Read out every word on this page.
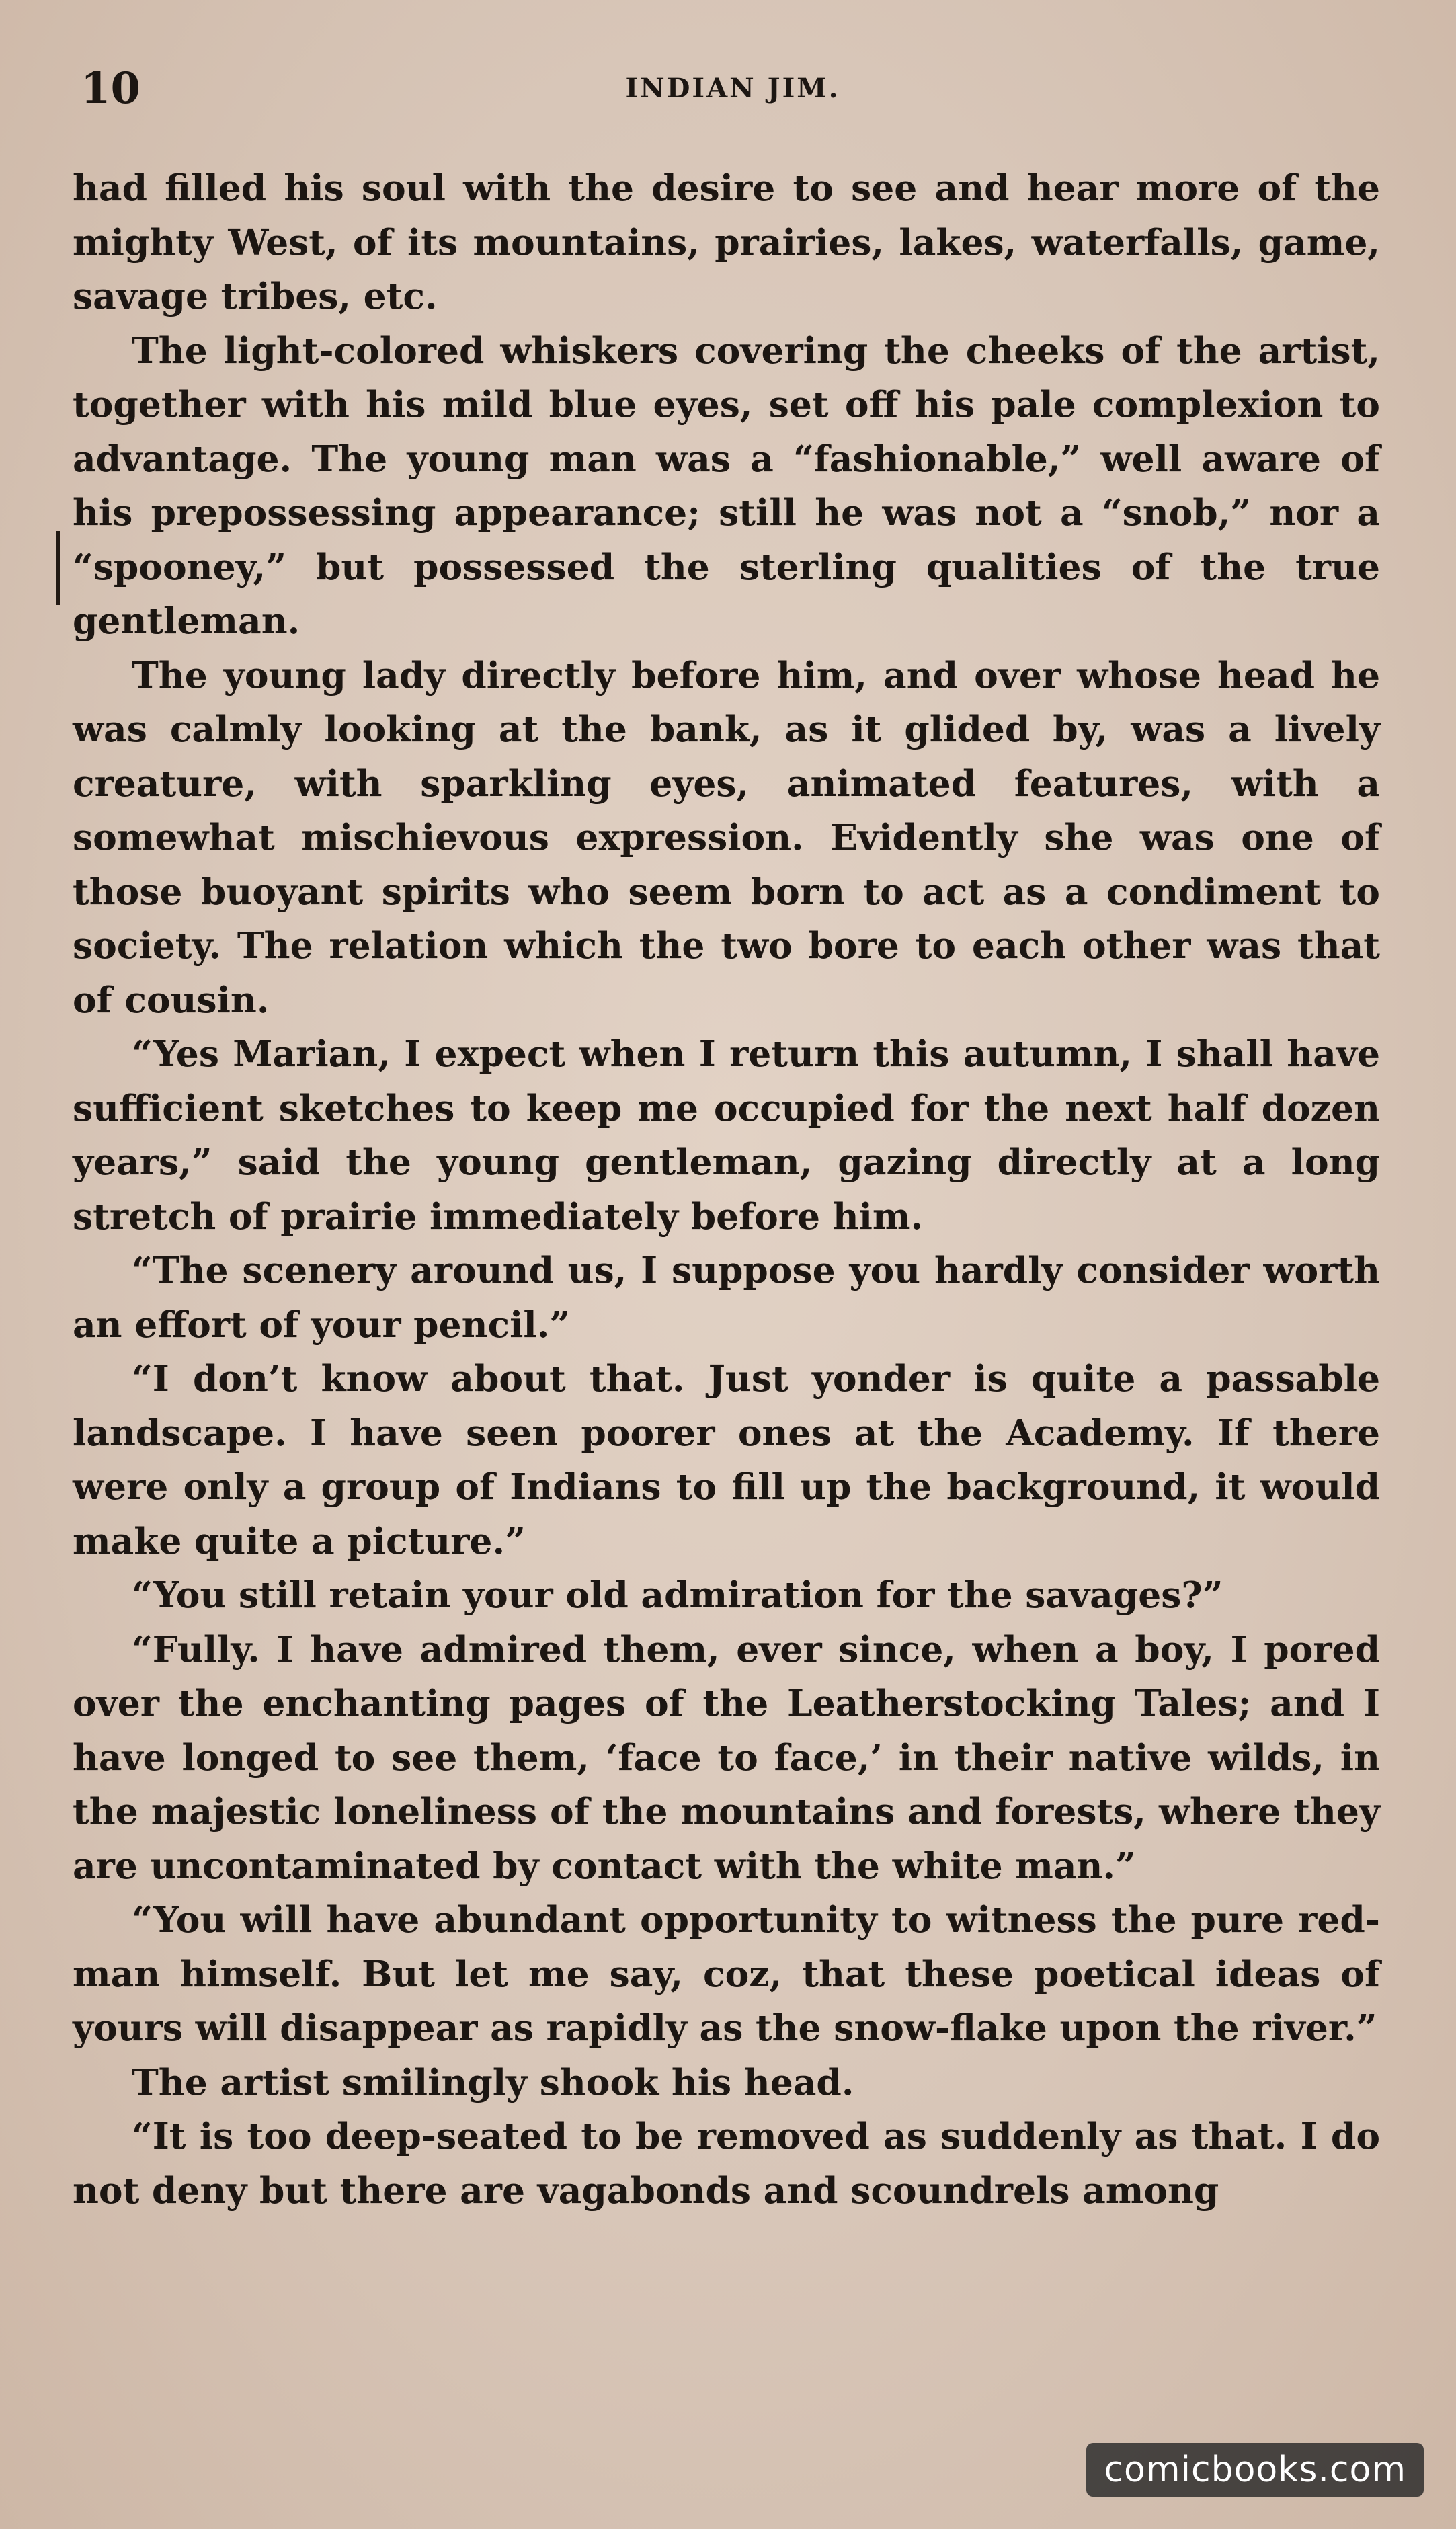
10	INDIAN JIM.

had filled his soul with the desire to see and hear more of the mighty West, of its mountains, prairies, lakes, waterfalls, game, savage tribes, etc.

The light-colored whiskers covering the cheeks of the artist, together with his mild blue eyes, set off his pale complexion to advantage. The young man was a “fashionable,” well aware of his prepossessing appearance; still he was not a “snob,” nor a “spooney,” but possessed the sterling qualities of the true gentleman.

The young lady directly before him, and over whose head he was calmly looking at the bank, as it glided by, was a lively creature, with sparkling eyes, animated features, with a somewhat mischievous expression. Evidently she was one of those buoyant spirits who seem born to act as a condiment to society. The relation which the two bore to each other was that of cousin.

“Yes Marian, I expect when I return this autumn, I shall have sufficient sketches to keep me occupied for the next half dozen years,” said the young gentleman, gazing directly at a long stretch of prairie immediately before him.

“The scenery around us, I suppose you hardly consider worth an effort of your pencil.”

“I don’t know about that. Just yonder is quite a passable landscape. I have seen poorer ones at the Academy. If there were only a group of Indians to fill up the background, it would make quite a picture.”

“You still retain your old admiration for the savages?”

“Fully. I have admired them, ever since, when a boy, I pored over the enchanting pages of the Leatherstocking Tales; and I have longed to see them, ‘face to face,’ in their native wilds, in the majestic loneliness of the mountains and forests, where they are uncontaminated by contact with the white man.”

“You will have abundant opportunity to witness the pure red-man himself. But let me say, coz, that these poetical ideas of yours will disappear as rapidly as the snow-flake upon the river.”

The artist smilingly shook his head.

“It is too deep-seated to be removed as suddenly as that. I do not deny but there are vagabonds and scoundrels among

comicbooks.com
